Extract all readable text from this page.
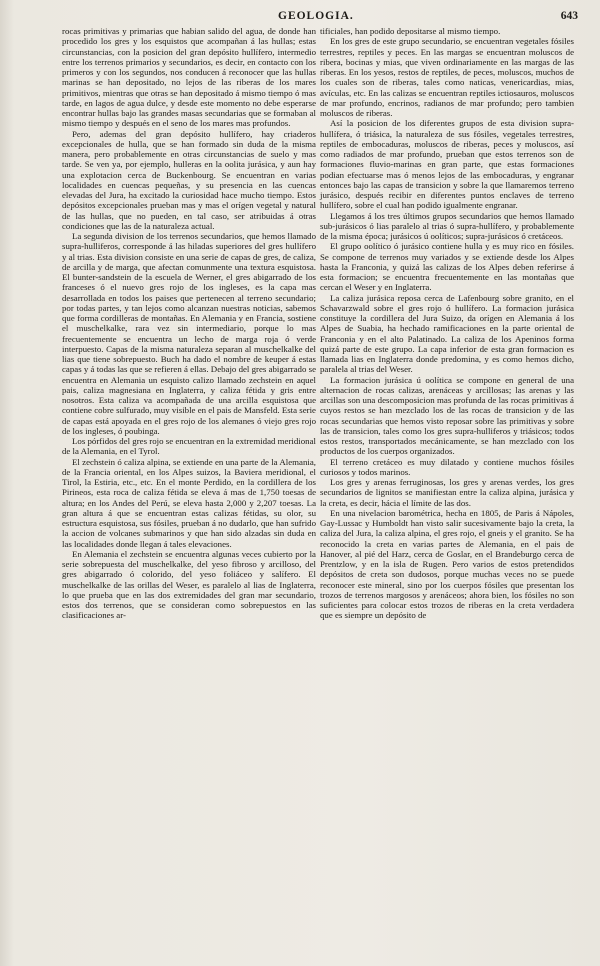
GEOLOGIA.	643

rocas primitivas y primarias que habian salido del agua, de donde han procedido los gres y los esquistos que acompañan á las hullas; estas circunstancias, con la posicion del gran depósito hullífero, intermedio entre los terrenos primarios y secundarios, es decir, en contacto con los primeros y con los segundos, nos conducen á reconocer que las hullas marinas se han depositado, no lejos de las riberas de los mares primitivos, mientras que otras se han depositado á mismo tiempo ó mas tarde, en lagos de agua dulce, y desde este momento no debe esperarse encontrar hullas bajo las grandes masas secundarias que se formaban al mismo tiempo y después en el seno de los mares mas profundos.

Pero, ademas del gran depósito hullífero, hay criaderos excepcionales de hulla, que se han formado sin duda de la misma manera, pero probablemente en otras circunstancias de suelo y mas tarde. Se ven ya, por ejemplo, hulleras en la oolita jurásica, y aun hay una explotacion cerca de Buckenbourg. Se encuentran en varias localidades en cuencas pequeñas, y su presencia en las cuencas elevadas del Jura, ha excitado la curiosidad hace mucho tiempo. Estos depósitos excepcionales prueban mas y mas el orígen vegetal y natural de las hullas, que no pueden, en tal caso, ser atribuidas á otras condiciones que las de la naturaleza actual.

La segunda division de los terrenos secundarios, que hemos llamado supra-hulliferos, corresponde á las hiladas superiores del gres hullífero y al trias. Esta division consiste en una serie de capas de gres, de caliza, de arcilla y de marga, que afectan comunmente una textura esquistosa. El bunter-sandstein de la escuela de Werner, el gres abigarrado de los franceses ó el nuevo gres rojo de los ingleses, es la capa mas desarrollada en todos los paises que pertenecen al terreno secundario; por todas partes, y tan lejos como alcanzan nuestras noticias, sabemos que forma cordilleras de montañas. En Alemania y en Francia, sostiene el muschelkalke, rara vez sin intermediario, porque lo mas frecuentemente se encuentra un lecho de marga roja ó verde interpuesto. Capas de la misma naturaleza separan al muschelkalke del lias que tiene sobrepuesto. Buch ha dado el nombre de keuper á estas capas y á todas las que se refieren á ellas. Debajo del gres abigarrado se encuentra en Alemania un esquisto calizo llamado zechstein en aquel pais, caliza magnesiana en Inglaterra, y caliza fétida y gris entre nosotros. Esta caliza va acompañada de una arcilla esquistosa que contiene cobre sulfurado, muy visible en el pais de Mansfeld. Esta serie de capas está apoyada en el gres rojo de los alemanes ó viejo gres rojo de los ingleses, ó poubinga.

Los pórfidos del gres rojo se encuentran en la extremidad meridional de la Alemania, en el Tyrol.

El zechstein ó caliza alpina, se extiende en una parte de la Alemania, de la Francia oriental, en los Alpes suizos, la Baviera meridional, el Tirol, la Estiria, etc., etc. En el monte Perdido, en la cordillera de los Pirineos, esta roca de caliza fétida se eleva á mas de 1,750 toesas de altura; en los Andes del Perú, se eleva hasta 2,000 y 2,207 toesas. La gran altura á que se encuentran estas calizas fétidas, su olor, su estructura esquistosa, sus fósiles, prueban á no dudarlo, que han sufrido la accion de volcanes submarinos y que han sido alzadas sin duda en las localidades donde llegan á tales elevaciones.

En Alemania el zechstein se encuentra algunas veces cubierto por la serie sobrepuesta del muschelkalke, del yeso fibroso y arcilloso, del gres abigarrado ó colorido, del yeso foliáceo y salífero. El muschelkalke de las orillas del Weser, es paralelo al lias de Inglaterra, lo que prueba que en las dos extremidades del gran mar secundario, estos dos terrenos, que se consideran como sobrepuestos en las clasificaciones ar-

tificiales, han podido depositarse al mismo tiempo.

En los gres de este grupo secundario, se encuentran vegetales fósiles terrestres, reptiles y peces. En las margas se encuentran moluscos de ribera, bocinas y mias, que viven ordinariamente en las margas de las riberas. En los yesos, restos de reptiles, de peces, moluscos, muchos de los cuales son de riberas, tales como naticas, venericardias, mias, avículas, etc. En las calizas se encuentran reptiles ictiosauros, moluscos de mar profundo, encrinos, radianos de mar profundo; pero tambien moluscos de riberas.

Así la posicion de los diferentes grupos de esta division supra-hullífera, ó triásica, la naturaleza de sus fósiles, vegetales terrestres, reptiles de embocaduras, moluscos de riberas, peces y moluscos, así como radiados de mar profundo, prueban que estos terrenos son de formaciones fluvio-marinas en gran parte, que estas formaciones podian efectuarse mas ó menos lejos de las embocaduras, y engranar entonces bajo las capas de transicion y sobre la que llamaremos terreno jurásico, después recibir en diferentes puntos enclaves de terreno hullífero, sobre el cual han podido igualmente engranar.

Llegamos á los tres últimos grupos secundarios que hemos llamado sub-jurásicos ó lias paralelo al trias ó supra-hullífero, y probablemente de la misma época; jurásicos ú oolíticos; supra-jurásicos ó cretáceos.

El grupo oolítico ó jurásico contiene hulla y es muy rico en fósiles. Se compone de terrenos muy variados y se extiende desde los Alpes hasta la Franconia, y quizá las calizas de los Alpes deben referirse á esta formacion; se encuentra frecuentemente en las montañas que cercan el Weser y en Inglaterra.

La caliza jurásica reposa cerca de Lafenbourg sobre granito, en el Schavarzwald sobre el gres rojo ó hullífero. La formacion jurásica constituye la cordillera del Jura Suizo, da orígen en Alemania á los Alpes de Suabia, ha hechado ramificaciones en la parte oriental de Franconia y en el alto Palatinado. La caliza de los Apeninos forma quizá parte de este grupo. La capa inferior de esta gran formacion es llamada lias en Inglaterra donde predomina, y es como hemos dicho, paralela al trias del Weser.

La formacion jurásica ú oolítica se compone en general de una alternacion de rocas calizas, arenáceas y arcillosas; las arenas y las arcillas son una descomposicion mas profunda de las rocas primitivas á cuyos restos se han mezclado los de las rocas de transicion y de las rocas secundarias que hemos visto reposar sobre las primitivas y sobre las de transicion, tales como los gres supra-hulliferos y triásicos; todos estos restos, transportados mecánicamente, se han mezclado con los productos de los cuerpos organizados.

El terreno cretáceo es muy dilatado y contiene muchos fósiles curiosos y todos marinos.

Los gres y arenas ferruginosas, los gres y arenas verdes, los gres secundarios de lignitos se manifiestan entre la caliza alpina, jurásica y la creta, es decir, hácia el límite de las dos.

En una nivelacion barométrica, hecha en 1805, de Paris á Nápoles, Gay-Lussac y Humboldt han visto salir sucesivamente bajo la creta, la caliza del Jura, la caliza alpina, el gres rojo, el gneis y el granito. Se ha reconocido la creta en varias partes de Alemania, en el pais de Hanover, al pié del Harz, cerca de Goslar, en el Brandeburgo cerca de Prentzlow, y en la isla de Rugen. Pero varios de estos pretendidos depósitos de creta son dudosos, porque muchas veces no se puede reconocer este mineral, sino por los cuerpos fósiles que presentan los trozos de terrenos margosos y arenáceos; ahora bien, los fósiles no son suficientes para colocar estos trozos de riberas en la creta verdadera que es siempre un depósito de
